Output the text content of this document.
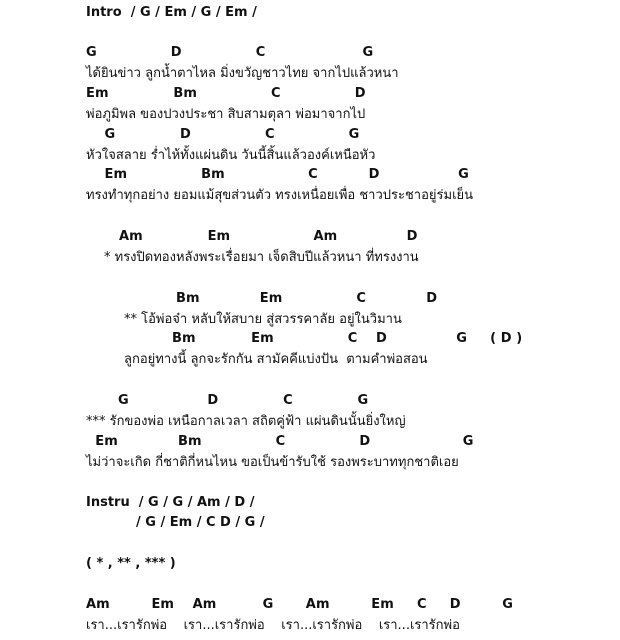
Intro  / G / Em / G / Em /
G                D                C                     G
ได้ยินข่าว ลูกน้ำตาไหล มิ่งขวัญชาวไทย จากไปแล้วหนา
Em              Bm                C                D
พ่อภูมิพล ของปวงประชา สิบสามตุลา พ่อมาจากไป
G              D                C                G
หัวใจสลาย ร่ำไห้ทั้งแผ่นดิน วันนี้สิ้นแล้วองค์เหนือหัว
Em                Bm                  C           D                 G
ทรงทำทุกอย่าง ยอมแม้สุขส่วนตัว ทรงเหนื่อยเพื่อ ชาวประชาอยู่ร่มเย็น
Am              Em                  Am               D
* ทรงปิดทองหลังพระเรื่อยมา เจ็ดสิบปีแล้วหนา ที่ทรงงาน
Bm             Em                C             D
** โอ้พ่อจ๋า หลับให้สบาย สู่สวรรคาลัย อยู่ในวิมาน
Bm            Em                C    D               G     ( D )
ลูกอยู่ทางนี้ ลูกจะรักกัน สามัคคีแบ่งปัน  ตามคำพ่อสอน
G                 D              C              G
*** รักของพ่อ เหนือกาลเวลา สถิตคู่ฟ้า แผ่นดินนั้นยิ่งใหญ่
Em             Bm                C                D                    G
ไม่ว่าจะเกิด กี่ชาติกี่หนไหน ขอเป็นข้ารับใช้ รองพระบาททุกชาติเอย
Instru  / G / G / Am / D /
/ G / Em / C D / G /
( * , ** , *** )
Am         Em    Am          G       Am         Em     C     D         G
เรา...เรารักพ่อ    เรา...เรารักพ่อ    เรา...เรารักพ่อ    เรา...เรารักพ่อ
